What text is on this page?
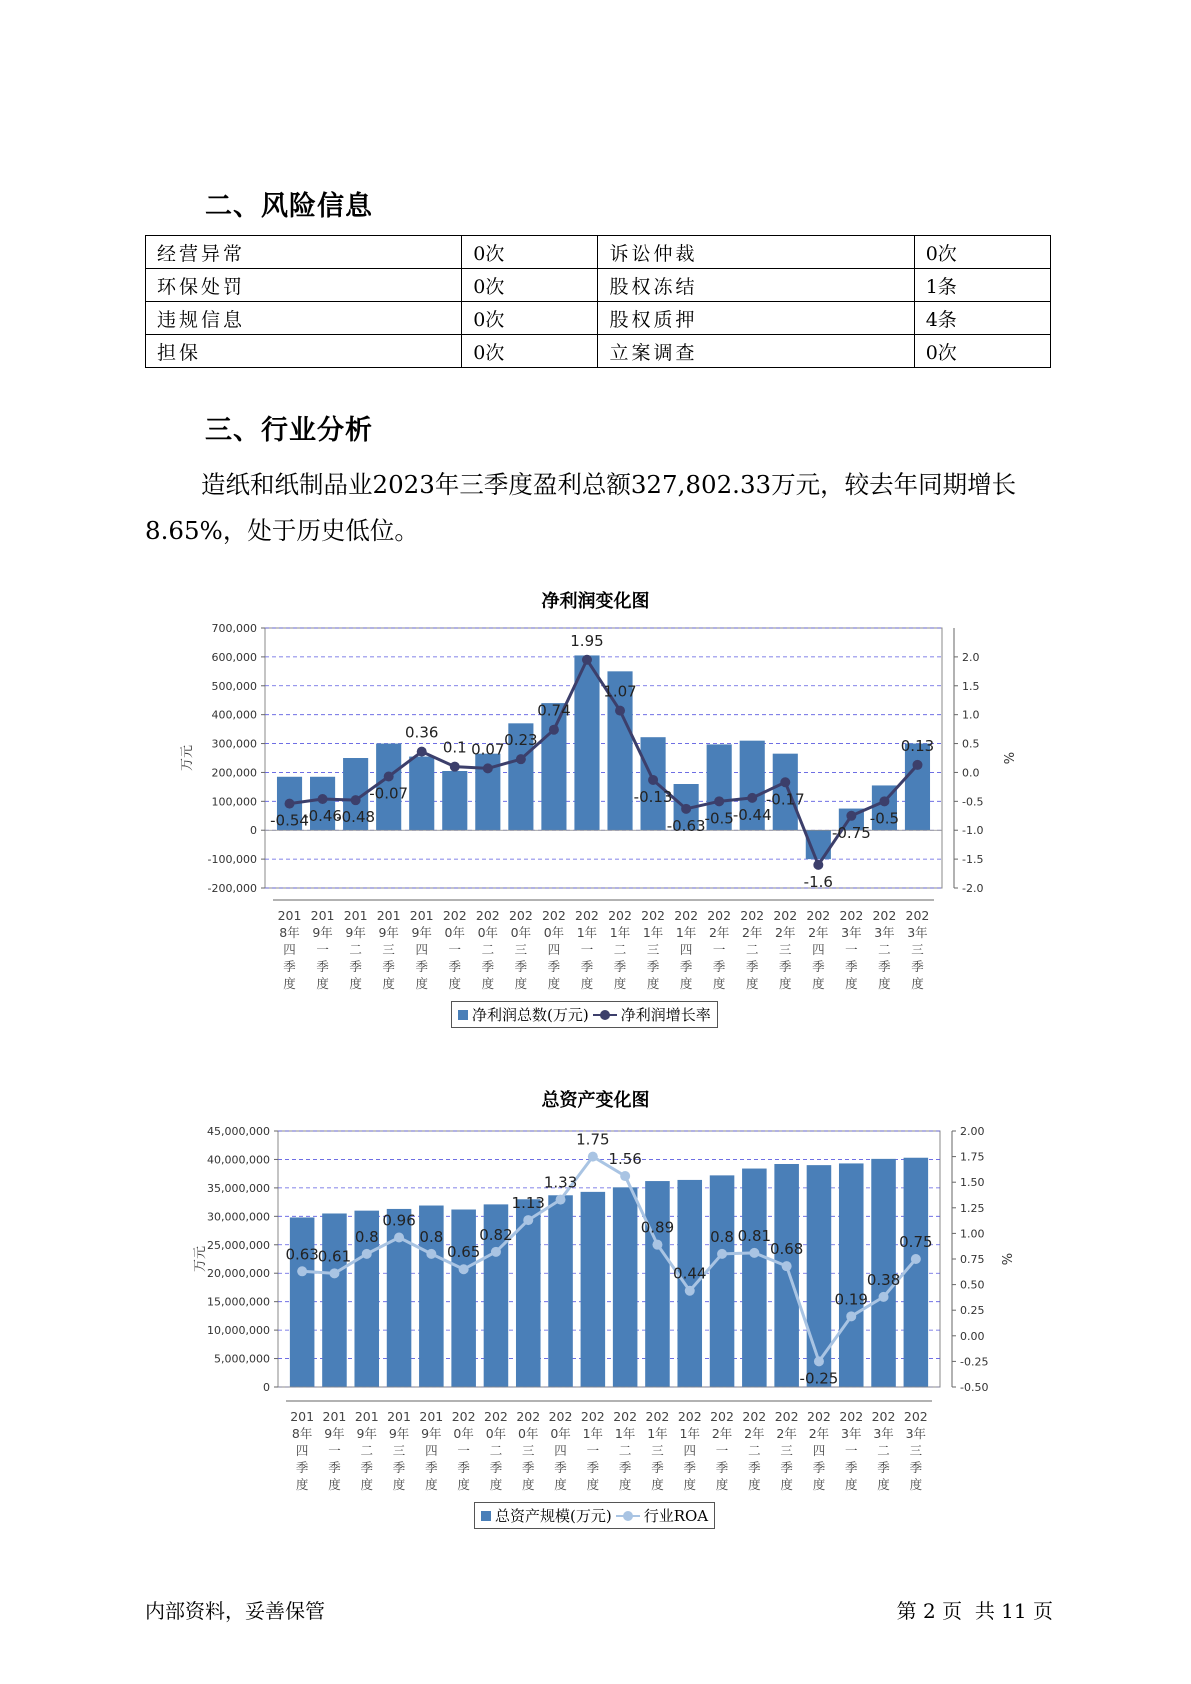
二、风险信息
经营异常	0次	诉讼仲裁	0次
环保处罚	0次	股权冻结	1条
违规信息	0次	股权质押	4条
担保	0次	立案调查	0次
三、行业分析
造纸和纸制品业2023年三季度盈利总额327,802.33万元，较去年同期增长8.65%，处于历史低位。
净利润变化图
700,000
600,000
500,000
400,000
300,000
200,000
100,000
0
-100,000
-200,000
2.0
1.5
1.0
0.5
0.0
-0.5
-1.0
-1.5
-2.0
万元	%
-0.54
-0.46
-0.48
-0.07
0.36
0.1 0.07
0.23
0.74
1.95
1.07
-0.13
-0.63 -0.5 -0.44
-0.17
-1.6
-0.75
-0.5
0.13
201 8年四季度
201 9年一季度
201 9年二季度
201 9年三季度
201 9年四季度
202 0年一季度
202 0年二季度
202 0年三季度
202 0年四季度
202 1年一季度
202 1年二季度
202 1年三季度
202 1年四季度
202 2年一季度
202 2年二季度
202 2年三季度
202 2年四季度
202 3年一季度
202 3年二季度
202 3年三季度
净利润总数(万元) 净利润增长率
总资产变化图
45,000,000
40,000,000
35,000,000
30,000,000
25,000,000
20,000,000
15,000,000
10,000,000
5,000,000
0
2.00
1.75
1.50
1.25
1.00
0.75
0.50
0.25
0.00
-0.25
-0.50
万元	%
0.63
0.61
0.8
0.96
0.8
0.65
0.82
1.13
1.33
1.75
1.56
0.89
0.44
0.8 0.81
0.68
-0.25
0.19
0.38
0.75
201 8年四季度
201 9年一季度
201 9年二季度
201 9年三季度
201 9年四季度
202 0年一季度
202 0年二季度
202 0年三季度
202 0年四季度
202 1年一季度
202 1年二季度
202 1年三季度
202 1年四季度
202 2年一季度
202 2年二季度
202 2年三季度
202 2年四季度
202 3年一季度
202 3年二季度
202 3年三季度
总资产规模(万元) 行业ROA
内部资料，妥善保管	第 2 页  共 11 页
